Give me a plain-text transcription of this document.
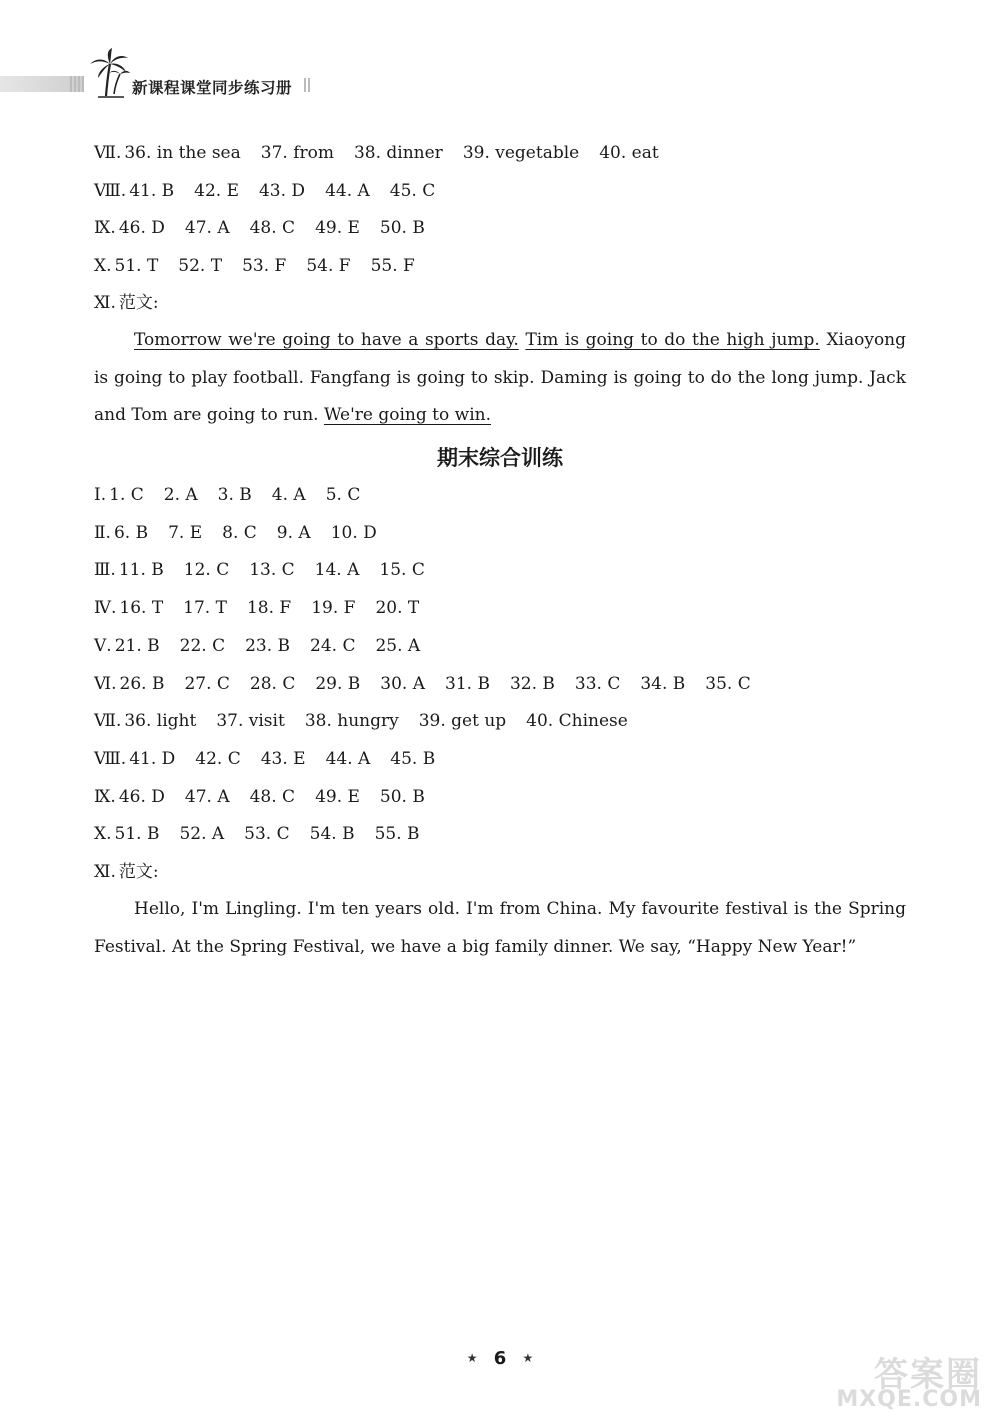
新课程课堂同步练习册
Ⅶ. 36. in the sea 37. from 38. dinner 39. vegetable 40. eat
Ⅷ. 41. B 42. E 43. D 44. A 45. C
Ⅸ. 46. D 47. A 48. C 49. E 50. B
Ⅹ. 51. T 52. T 53. F 54. F 55. F
Ⅺ. 范文:
Tomorrow we're going to have a sports day. Tim is going to do the high jump. Xiaoyong is going to play football. Fangfang is going to skip. Daming is going to do the long jump. Jack and Tom are going to run. We're going to win.
期末综合训练
Ⅰ. 1. C 2. A 3. B 4. A 5. C
Ⅱ. 6. B 7. E 8. C 9. A 10. D
Ⅲ. 11. B 12. C 13. C 14. A 15. C
Ⅳ. 16. T 17. T 18. F 19. F 20. T
Ⅴ. 21. B 22. C 23. B 24. C 25. A
Ⅵ. 26. B 27. C 28. C 29. B 30. A 31. B 32. B 33. C 34. B 35. C
Ⅶ. 36. light 37. visit 38. hungry 39. get up 40. Chinese
Ⅷ. 41. D 42. C 43. E 44. A 45. B
Ⅸ. 46. D 47. A 48. C 49. E 50. B
Ⅹ. 51. B 52. A 53. C 54. B 55. B
Ⅺ. 范文:
Hello, I'm Lingling. I'm ten years old. I'm from China. My favourite festival is the Spring Festival. At the Spring Festival, we have a big family dinner. We say, “Happy New Year!”
★ 6 ★	答案圈
MXQE.COM
